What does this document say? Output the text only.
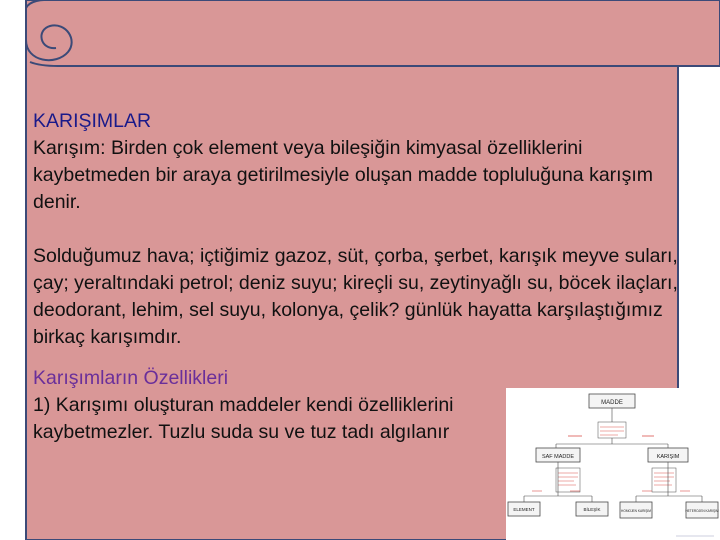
KARIŞIMLAR

Karışım: Birden çok element veya bileşiğin kimyasal özelliklerini kaybetmeden bir araya getirilmesiyle oluşan madde topluluğuna karışım denir.

Solduğumuz hava; içtiğimiz gazoz, süt, çorba, şerbet, karışık meyve suları, çay; yeraltındaki petrol; deniz suyu; kireçli su, zeytinyağlı su, böcek ilaçları, deodorant, lehim, sel suyu, kolonya, çelik? günlük hayatta karşılaştığımız birkaç karışımdır.

Karışımların Özellikleri

1) Karışımı oluşturan maddeler kendi özelliklerini kaybetmezler. Tuzlu suda su ve tuz tadı algılanır

MADDE
SAF MADDE	KARIŞIM
ELEMENT	BİLEŞİK	HOMOJEN KARIŞIM	HETEROJEN KARIŞIM
